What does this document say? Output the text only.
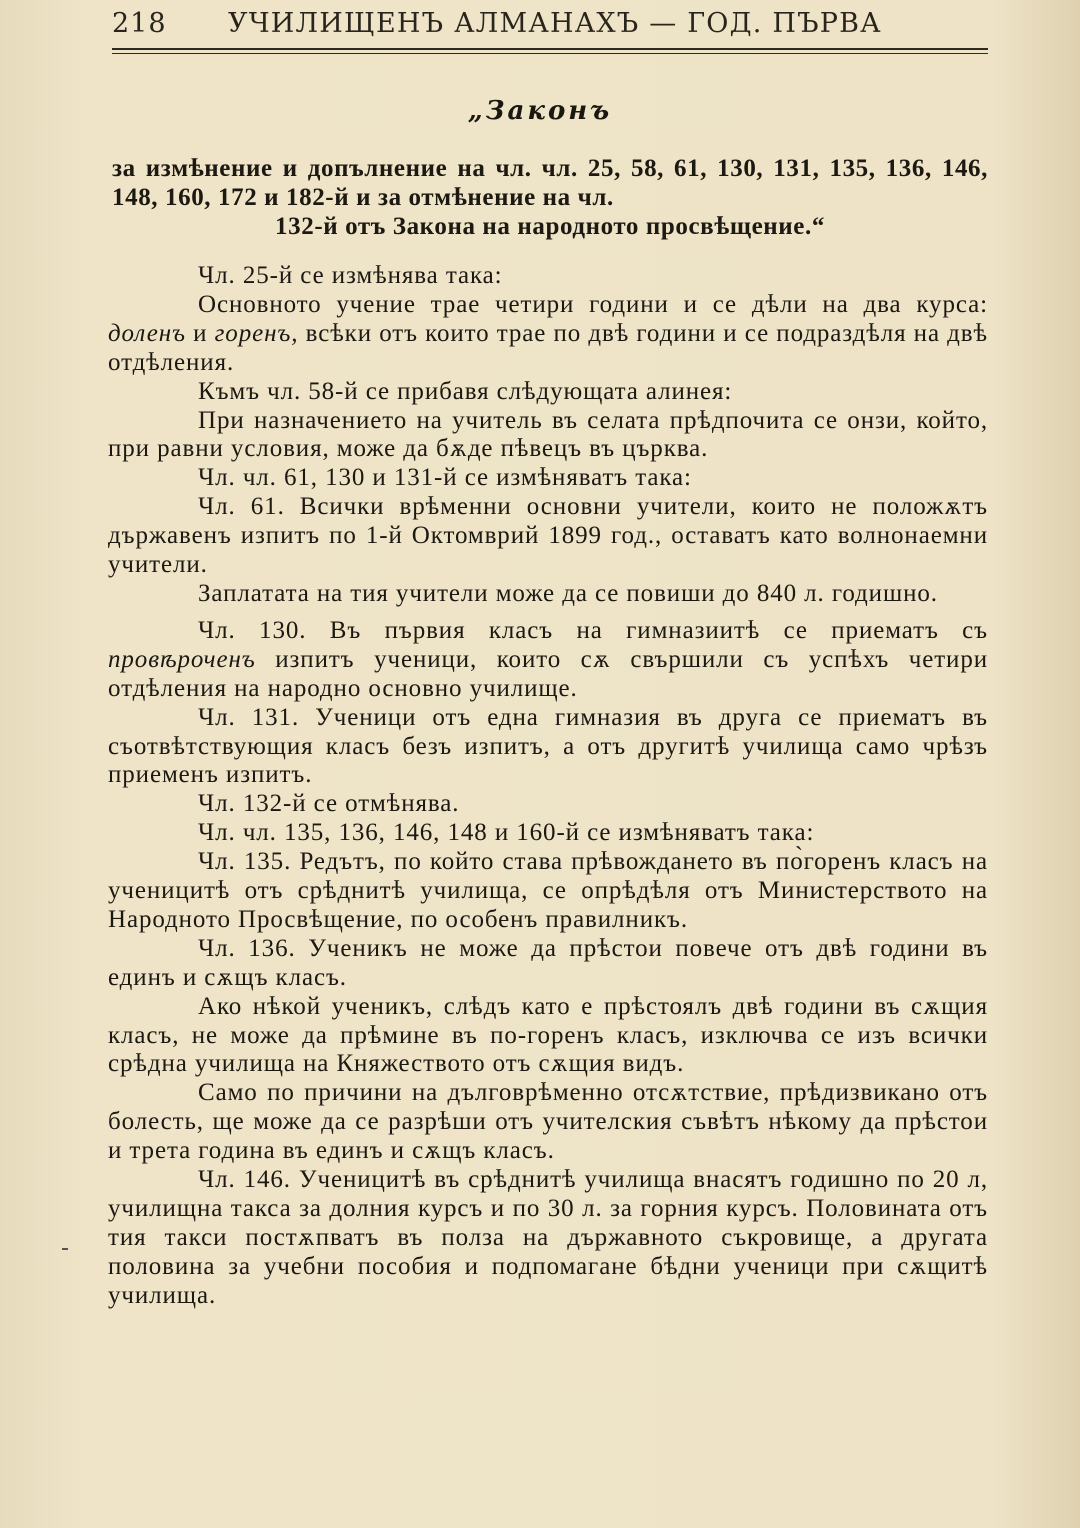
218 УЧИЛИЩЕНЪ АЛМАНАХЪ — ГОД. ПЪРВА
„Законъ
за измѣнение и допълнение на чл. чл. 25, 58, 61, 130, 131, 135, 136, 146, 148, 160, 172 и 182-й и за отмѣнение на чл.
132-й отъ Закона на народното просвѣщение.“

Чл. 25-й се измѣнява така:

Основното учение трае четири години и се дѣли на два курса: доленъ и горенъ, всѣки отъ които трае по двѣ години и се подраздѣля на двѣ отдѣления.

Къмъ чл. 58-й се прибавя слѣдующата алинея:

При назначението на учитель въ селата прѣдпочита се онзи, който, при равни условия, може да бѫде пѣвецъ въ църква.

Чл. чл. 61, 130 и 131-й се измѣняватъ така:

Чл. 61. Всички врѣменни основни учители, които не положѫтъ държавенъ изпитъ по 1-й Октомврий 1899 год., оставатъ като волнонаемни учители.

Заплатата на тия учители може да се повиши до 840 л. годишно.

Чл. 130. Въ първия класъ на гимназиитѣ се приематъ съ провѣроченъ изпитъ ученици, които сѫ свършили съ успѣхъ четири отдѣления на народно основно училище.

Чл. 131. Ученици отъ една гимназия въ друга се приематъ въ съотвѣтствующия класъ безъ изпитъ, а отъ другитѣ училища само чрѣзъ приеменъ изпитъ.

Чл. 132-й се отмѣнява.

Чл. чл. 135, 136, 146, 148 и 160-й се измѣняватъ така:

Чл. 135. Редътъ, по който става прѣвождането въ по̀горенъ класъ на ученицитѣ отъ срѣднитѣ училища, се опрѣдѣля отъ Министерството на Народното Просвѣщение, по особенъ правилникъ.

Чл. 136. Ученикъ не може да прѣстои повече отъ двѣ години въ единъ и сѫщъ класъ.

Ако нѣкой ученикъ, слѣдъ като е прѣстоялъ двѣ години въ сѫщия класъ, не може да прѣмине въ по-горенъ класъ, изключва се изъ всички срѣдна училища на Княжеството отъ сѫщия видъ.

Само по причини на дълговрѣменно отсѫтствие, прѣдизвикано отъ болесть, ще може да се разрѣши отъ учителския съвѣтъ нѣкому да прѣстои и трета година въ единъ и сѫщъ класъ.

Чл. 146. Ученицитѣ въ срѣднитѣ училища внасятъ годишно по 20 л, училищна такса за долния курсъ и по 30 л. за горния курсъ. Половината отъ тия такси постѫпватъ въ полза на държавното съкровище, а другата половина за учебни пособия и подпомагане бѣдни ученици при сѫщитѣ училища.
